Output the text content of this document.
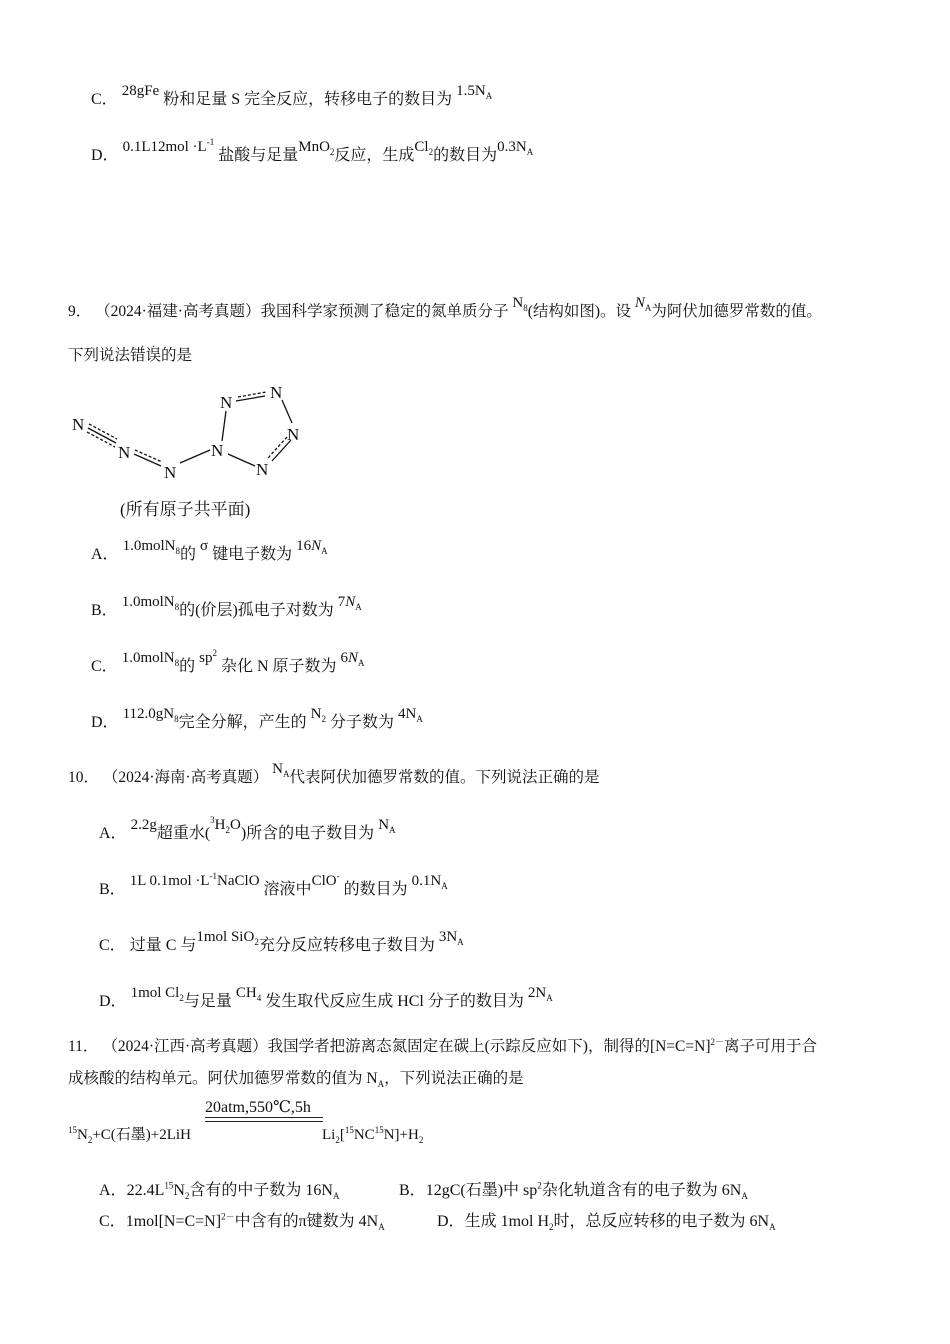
C． 28gFe 粉和足量 S 完全反应，转移电子的数目为 $1.5N_A$
D． $0.1L12mol \cdot L^{-1}$ 盐酸与足量MnO$_2$反应，生成$Cl_2$的数目为$0.3N_A$
9． （2024·福建·高考真题）我国科学家预测了稳定的氮单质分子 $N_8$(结构如图)。设 $N_A$为阿伏加德罗常数的值。
..
下列说法错误的是
N
N
N
N
N
N
N
N
(所有原子共平面)
A． 1.0molN$_8$的 σ 键电子数为 $16N_A$
B． 1.0molN$_8$的(价层)孤电子对数为 $7N_A$
C． 1.0molN$_8$的 $sp^2$ 杂化 N 原子数为 $6N_A$
D． $112.0gN_8$完全分解，产生的 $N_2$ 分子数为 $4N_A$
10． （2024·海南·高考真题） $N_A$代表阿伏加德罗常数的值。下列说法正确的是
A． 2.2g超重水$(^3H_2O)$所含的电子数目为 $N_A$
B． 1L $0.1mol \cdot L^{-1}NaClO$ 溶液中ClO- 的数目为 $0.1N_A$
C． 过量 C 与1mol SiO$_2$充分反应转移电子数目为 $3N_A$
D． 1mol $Cl_2$与足量 $CH_4$ 发生取代反应生成 HCl 分子的数目为 $2N_A$
11． （2024·江西·高考真题）我国学者把游离态氮固定在碳上(示踪反应如下)，制得的[N=C=N]$^{2-}$离子可用于合
成核酸的结构单元。阿伏加德罗常数的值为 $N_A$，下列说法正确的是
20atm,550℃,5h
$^{15}N_2+C$(石墨)+2LiH	$Li_2[^{15}NC^{15}N]+H_2$
A．$22.4L^{15}N_2$含有的中子数为 $16N_A$	B．12gC(石墨)中 $sp^2$杂化轨道含有的电子数为 $6N_A$
C．1mol[N=C=N]$^{2-}$中含有的π键数为 $4N_A$	D．生成 1mol $H_2$时，总反应转移的电子数为 $6N_A$
